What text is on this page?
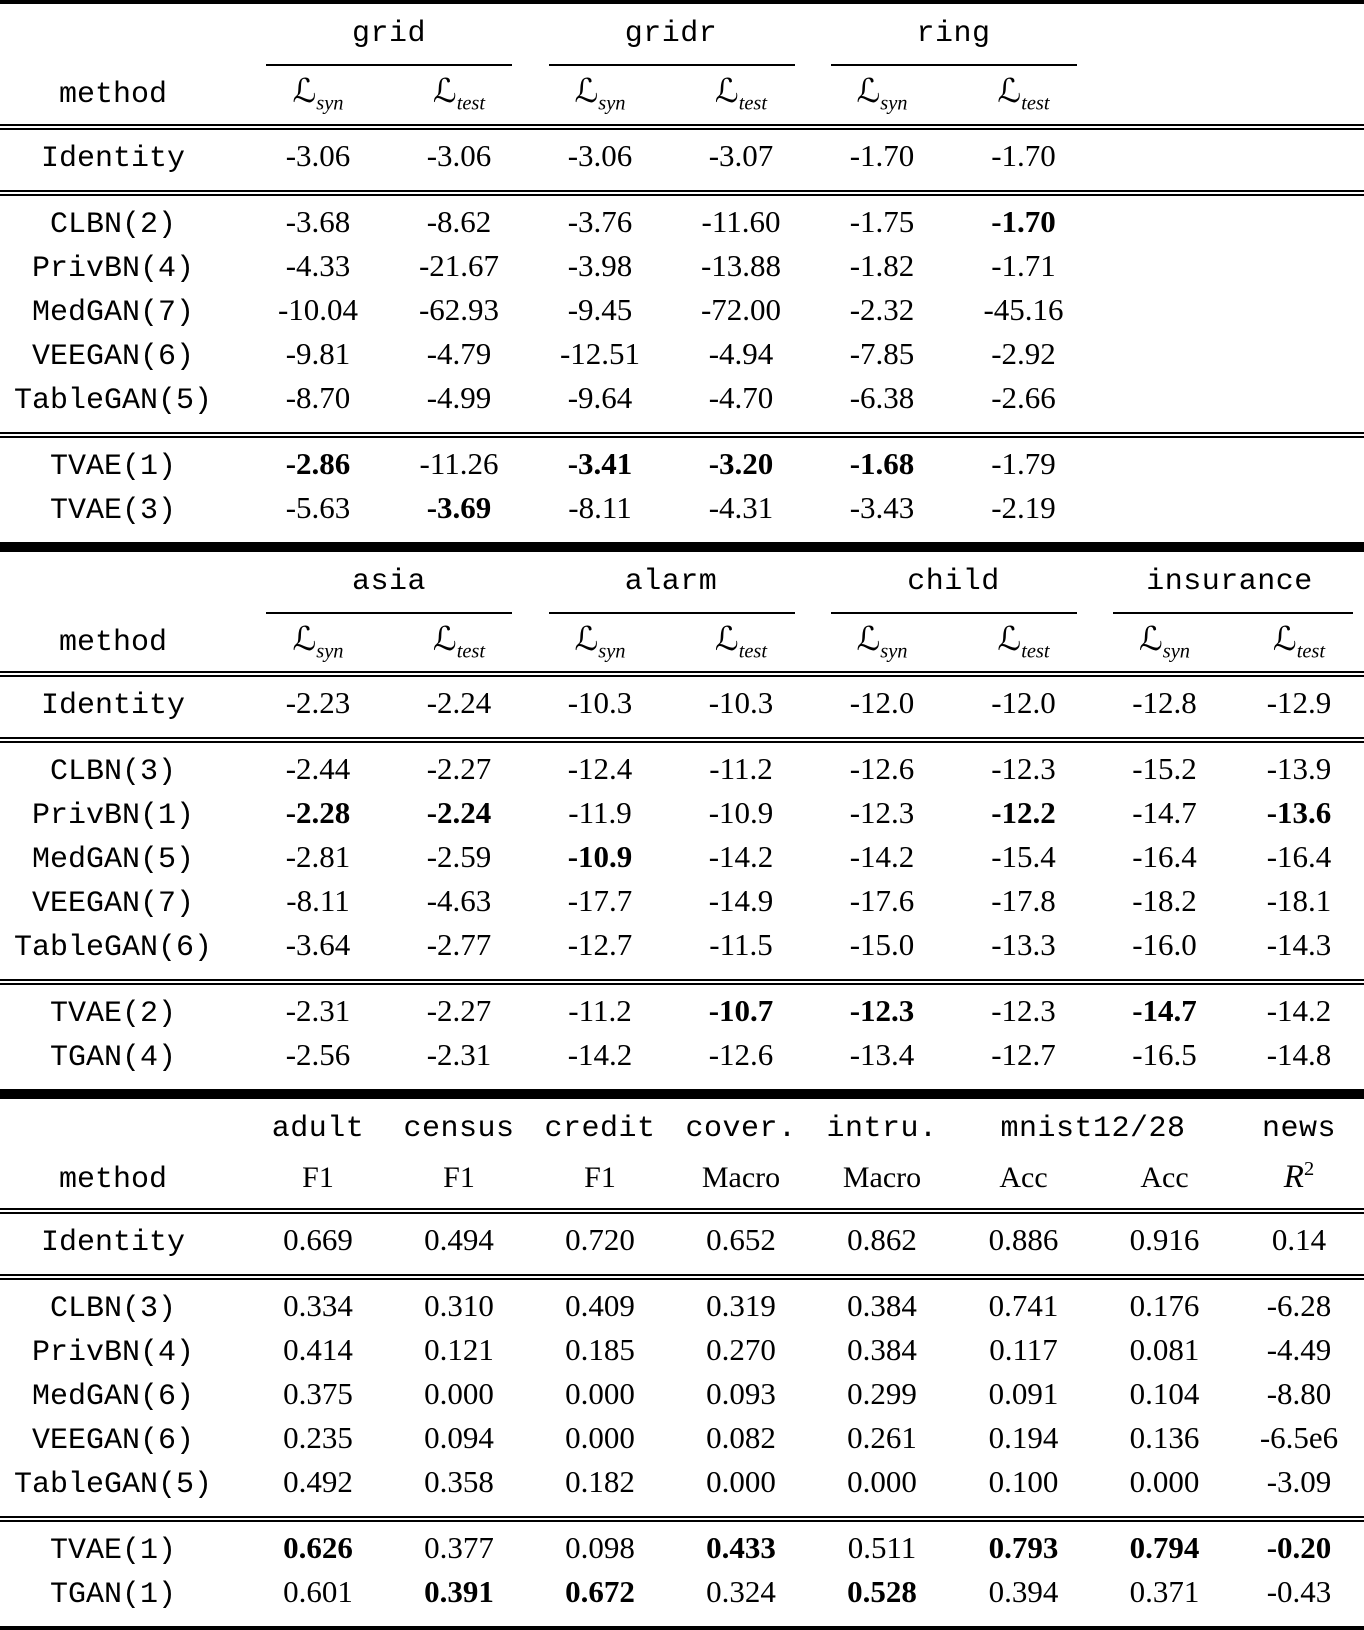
	grid	gridr	ring	
method	ℒ$_{syn}$	ℒ$_{test}$	ℒ$_{syn}$	ℒ$_{test}$	ℒ$_{syn}$	ℒ$_{test}$		
Identity	-3.06	-3.06	-3.06	-3.07	-1.70	-1.70		
CLBN(2)	-3.68	-8.62	-3.76	-11.60	-1.75	-1.70		
PrivBN(4)	-4.33	-21.67	-3.98	-13.88	-1.82	-1.71		
MedGAN(7)	-10.04	-62.93	-9.45	-72.00	-2.32	-45.16		
VEEGAN(6)	-9.81	-4.79	-12.51	-4.94	-7.85	-2.92		
TableGAN(5)	-8.70	-4.99	-9.64	-4.70	-6.38	-2.66		
TVAE(1)	-2.86	-11.26	-3.41	-3.20	-1.68	-1.79		
TVAE(3)	-5.63	-3.69	-8.11	-4.31	-3.43	-2.19		
	asia	alarm	child	insurance
method	ℒ$_{syn}$	ℒ$_{test}$	ℒ$_{syn}$	ℒ$_{test}$	ℒ$_{syn}$	ℒ$_{test}$	ℒ$_{syn}$	ℒ$_{test}$
Identity	-2.23	-2.24	-10.3	-10.3	-12.0	-12.0	-12.8	-12.9
CLBN(3)	-2.44	-2.27	-12.4	-11.2	-12.6	-12.3	-15.2	-13.9
PrivBN(1)	-2.28	-2.24	-11.9	-10.9	-12.3	-12.2	-14.7	-13.6
MedGAN(5)	-2.81	-2.59	-10.9	-14.2	-14.2	-15.4	-16.4	-16.4
VEEGAN(7)	-8.11	-4.63	-17.7	-14.9	-17.6	-17.8	-18.2	-18.1
TableGAN(6)	-3.64	-2.77	-12.7	-11.5	-15.0	-13.3	-16.0	-14.3
TVAE(2)	-2.31	-2.27	-11.2	-10.7	-12.3	-12.3	-14.7	-14.2
TGAN(4)	-2.56	-2.31	-14.2	-12.6	-13.4	-12.7	-16.5	-14.8
	adult	census	credit	cover.	intru.	mnist12/28	news
method	F1	F1	F1	Macro	Macro	Acc	Acc	$R^2$
Identity	0.669	0.494	0.720	0.652	0.862	0.886	0.916	0.14
CLBN(3)	0.334	0.310	0.409	0.319	0.384	0.741	0.176	-6.28
PrivBN(4)	0.414	0.121	0.185	0.270	0.384	0.117	0.081	-4.49
MedGAN(6)	0.375	0.000	0.000	0.093	0.299	0.091	0.104	-8.80
VEEGAN(6)	0.235	0.094	0.000	0.082	0.261	0.194	0.136	-6.5e6
TableGAN(5)	0.492	0.358	0.182	0.000	0.000	0.100	0.000	-3.09
TVAE(1)	0.626	0.377	0.098	0.433	0.511	0.793	0.794	-0.20
TGAN(1)	0.601	0.391	0.672	0.324	0.528	0.394	0.371	-0.43
